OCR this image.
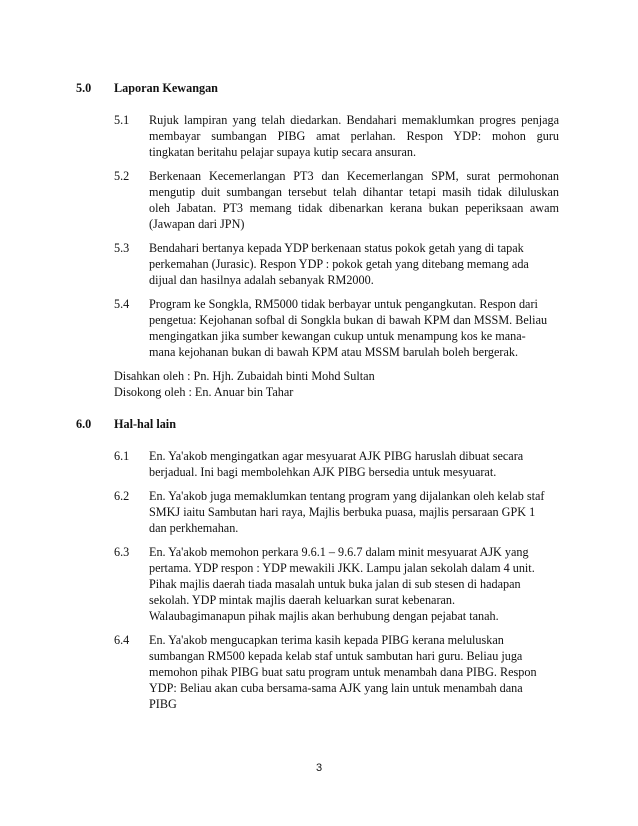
5.0 Laporan Kewangan
5.1 Rujuk lampiran yang telah diedarkan. Bendahari memaklumkan progres penjaga
membayar sumbangan PIBG amat perlahan. Respon YDP: mohon guru
tingkatan beritahu pelajar supaya kutip secara ansuran.
5.2 Berkenaan Kecemerlangan PT3 dan Kecemerlangan SPM, surat permohonan
mengutip duit sumbangan tersebut telah dihantar tetapi masih tidak diluluskan
oleh Jabatan. PT3 memang tidak dibenarkan kerana bukan peperiksaan awam
(Jawapan dari JPN)
5.3 Bendahari bertanya kepada YDP berkenaan status pokok getah yang di tapak
perkemahan (Jurasic). Respon YDP : pokok getah yang ditebang memang ada
dijual dan hasilnya adalah sebanyak RM2000.
5.4 Program ke Songkla, RM5000 tidak berbayar untuk pengangkutan. Respon dari
pengetua: Kejohanan sofbal di Songkla bukan di bawah KPM dan MSSM. Beliau
mengingatkan jika sumber kewangan cukup untuk menampung kos ke mana-
mana kejohanan bukan di bawah KPM atau MSSM barulah boleh bergerak.
Disahkan oleh : Pn. Hjh. Zubaidah binti Mohd Sultan
Disokong oleh : En. Anuar bin Tahar
6.0 Hal-hal lain
6.1 En. Ya'akob mengingatkan agar mesyuarat AJK PIBG haruslah dibuat secara
berjadual. Ini bagi membolehkan AJK PIBG bersedia untuk mesyuarat.
6.2 En. Ya'akob juga memaklumkan tentang program yang dijalankan oleh kelab staf
SMKJ iaitu Sambutan hari raya, Majlis berbuka puasa, majlis persaraan GPK 1
dan perkhemahan.
6.3 En. Ya'akob memohon perkara 9.6.1 – 9.6.7 dalam minit mesyuarat AJK yang
pertama. YDP respon : YDP mewakili JKK. Lampu jalan sekolah dalam 4 unit.
Pihak majlis daerah tiada masalah untuk buka jalan di sub stesen di hadapan
sekolah. YDP mintak majlis daerah keluarkan surat kebenaran.
Walaubagimanapun pihak majlis akan berhubung dengan pejabat tanah.
6.4 En. Ya'akob mengucapkan terima kasih kepada PIBG kerana meluluskan
sumbangan RM500 kepada kelab staf untuk sambutan hari guru. Beliau juga
memohon pihak PIBG buat satu program untuk menambah dana PIBG. Respon
YDP: Beliau akan cuba bersama-sama AJK yang lain untuk menambah dana
PIBG
3
